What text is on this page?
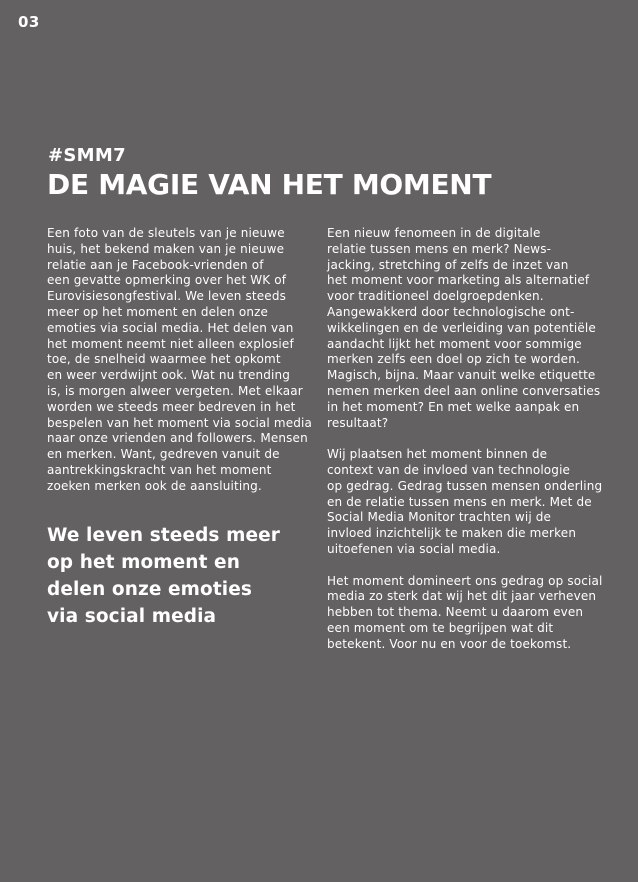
03
#SMM7
DE MAGIE VAN HET MOMENT

Een foto van de sleutels van je nieuwe
huis, het bekend maken van je nieuwe
relatie aan je Facebook-vrienden of
een gevatte opmerking over het WK of
Eurovisiesongfestival. We leven steeds
meer op het moment en delen onze
emoties via social media. Het delen van
het moment neemt niet alleen explosief
toe, de snelheid waarmee het opkomt
en weer verdwijnt ook. Wat nu trending
is, is morgen alweer vergeten. Met elkaar
worden we steeds meer bedreven in het
bespelen van het moment via social media
naar onze vrienden and followers. Mensen
en merken. Want, gedreven vanuit de
aantrekkingskracht van het moment
zoeken merken ook de aansluiting.

We leven steeds meer
op het moment en
delen onze emoties
via social media

Een nieuw fenomeen in de digitale
relatie tussen mens en merk? News-
jacking, stretching of zelfs de inzet van
het moment voor marketing als alternatief
voor traditioneel doelgroepdenken.
Aangewakkerd door technologische ont-
wikkelingen en de verleiding van potentiële
aandacht lijkt het moment voor sommige
merken zelfs een doel op zich te worden.
Magisch, bijna. Maar vanuit welke etiquette
nemen merken deel aan online conversaties
in het moment? En met welke aanpak en
resultaat?

Wij plaatsen het moment binnen de
context van de invloed van technologie
op gedrag. Gedrag tussen mensen onderling
en de relatie tussen mens en merk. Met de
Social Media Monitor trachten wij de
invloed inzichtelijk te maken die merken
uitoefenen via social media.

Het moment domineert ons gedrag op social
media zo sterk dat wij het dit jaar verheven
hebben tot thema. Neemt u daarom even
een moment om te begrijpen wat dit
betekent. Voor nu en voor de toekomst.
